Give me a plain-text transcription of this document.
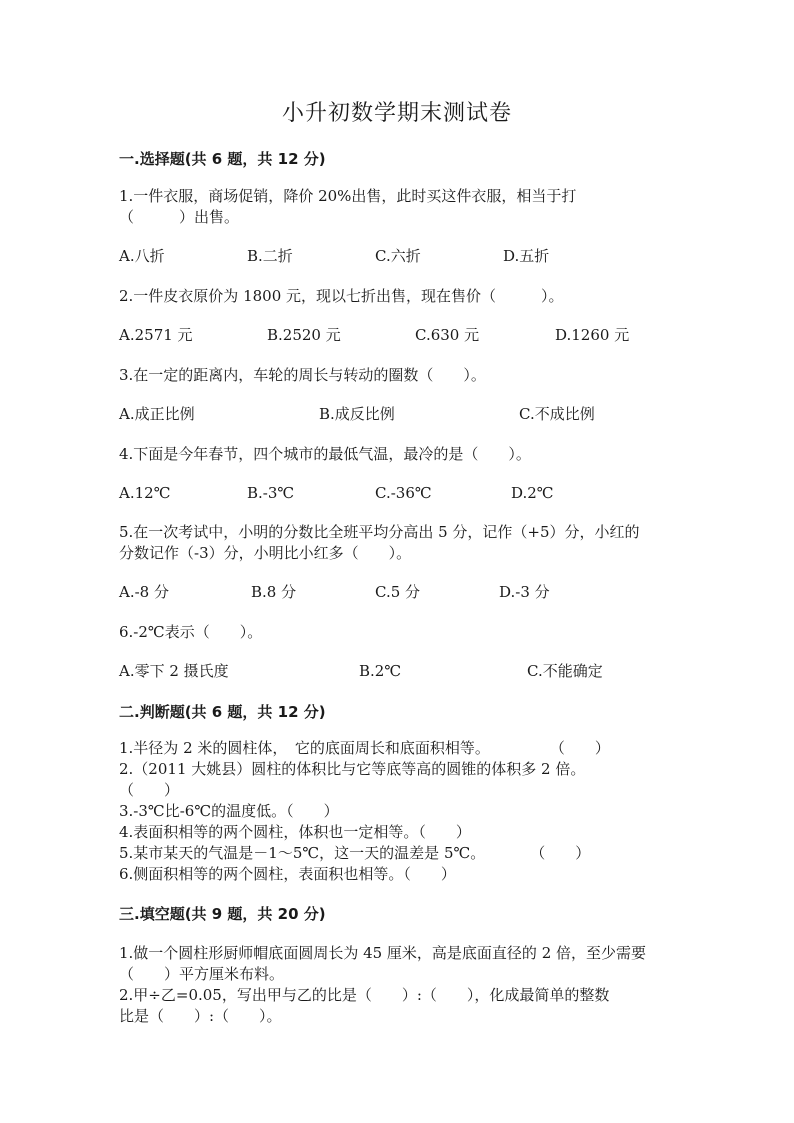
小升初数学期末测试卷
一.选择题(共 6 题，共 12 分)
1.一件衣服，商场促销，降价 20%出售，此时买这件衣服，相当于打
（　　　）出售。
A.八折	B.二折	C.六折	D.五折
2.一件皮衣原价为 1800 元，现以七折出售，现在售价（　　　）。
A.2571 元	B.2520 元	C.630 元	D.1260 元
3.在一定的距离内，车轮的周长与转动的圈数（　　）。
A.成正比例	B.成反比例	C.不成比例
4.下面是今年春节，四个城市的最低气温，最冷的是（　　）。
A.12℃	B.-3℃	C.-36℃	D.2℃
5.在一次考试中，小明的分数比全班平均分高出 5 分，记作（+5）分，小红的
分数记作（-3）分，小明比小红多（　　）。
A.-8 分	B.8 分	C.5 分	D.-3 分
6.-2℃表示（　　）。
A.零下 2 摄氏度	B.2℃	C.不能确定
二.判断题(共 6 题，共 12 分)
1.半径为 2 米的圆柱体，　它的底面周长和底面积相等。　　　　　（　　）
2.（2011 大姚县）圆柱的体积比与它等底等高的圆锥的体积多 2 倍。
（　　）
3.-3℃比-6℃的温度低。（　　）
4.表面积相等的两个圆柱，体积也一定相等。（　　）
5.某市某天的气温是－1～5℃，这一天的温差是 5℃。　　　　（　　）
6.侧面积相等的两个圆柱，表面积也相等。（　　）
三.填空题(共 9 题，共 20 分)
1.做一个圆柱形厨师帽底面圆周长为 45 厘米，高是底面直径的 2 倍，至少需要
（　　）平方厘米布料。
2.甲÷乙=0.05，写出甲与乙的比是（　　）:（　　），化成最简单的整数
比是（　　）:（　　）。
